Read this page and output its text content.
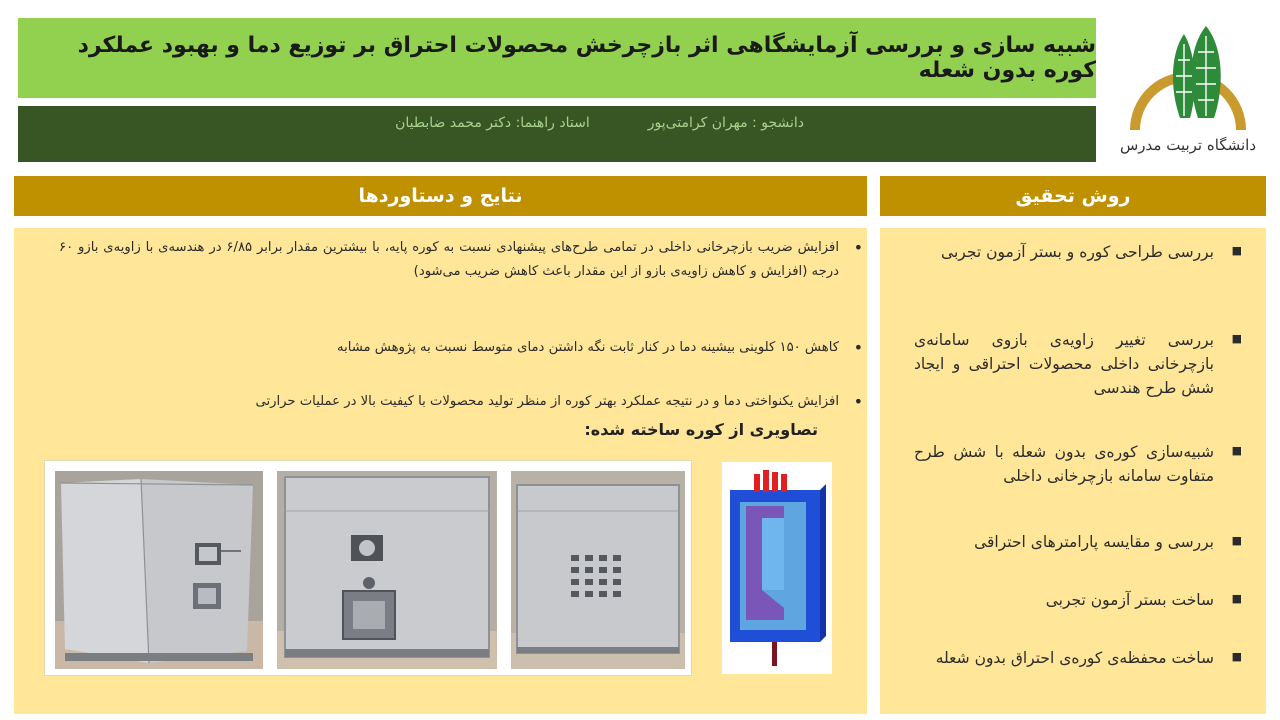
شبیه سازی و بررسی آزمایشگاهی اثر بازچرخش محصولات احتراق بر توزیع دما و بهبود عملکرد کوره بدون شعله
دانشجو : مهران کرامتی‌پور
استاد راهنما: دکتر محمد ضابطیان
دانشگاه تربیت مدرس
نتایج و دستاوردها	روش تحقیق
•
افزایش ضریب بازچرخانی داخلی در تمامی طرح‌های پیشنهادی نسبت به کوره پایه، با بیشترین مقدار برابر ۶/۸۵ در هندسه‌ی با زاویه‌ی بازو ۶۰ درجه (افزایش و کاهش زاویه‌ی بازو از این مقدار باعث کاهش ضریب می‌شود)
•
کاهش ۱۵۰ کلوینی بیشینه دما در کنار ثابت نگه داشتن دمای متوسط نسبت به پژوهش مشابه
•
افزایش یکنواختی دما و در نتیجه عملکرد بهتر کوره از منظر تولید محصولات با کیفیت بالا در عملیات حرارتی
تصاویری از کوره ساخته شده:
■
بررسی طراحی کوره و بستر آزمون تجربی
■
بررسی تغییر زاویه‌ی بازوی سامانه‌ی بازچرخانی داخلی محصولات احتراقی و ایجاد شش طرح هندسی
■
شبیه‌سازی کوره‌ی بدون شعله با شش طرح متفاوت سامانه بازچرخانی داخلی
■
بررسی و مقایسه پارامترهای احتراقی
■
ساخت بستر آزمون تجربی
■
ساخت محفظه‌ی کوره‌ی احتراق بدون شعله
